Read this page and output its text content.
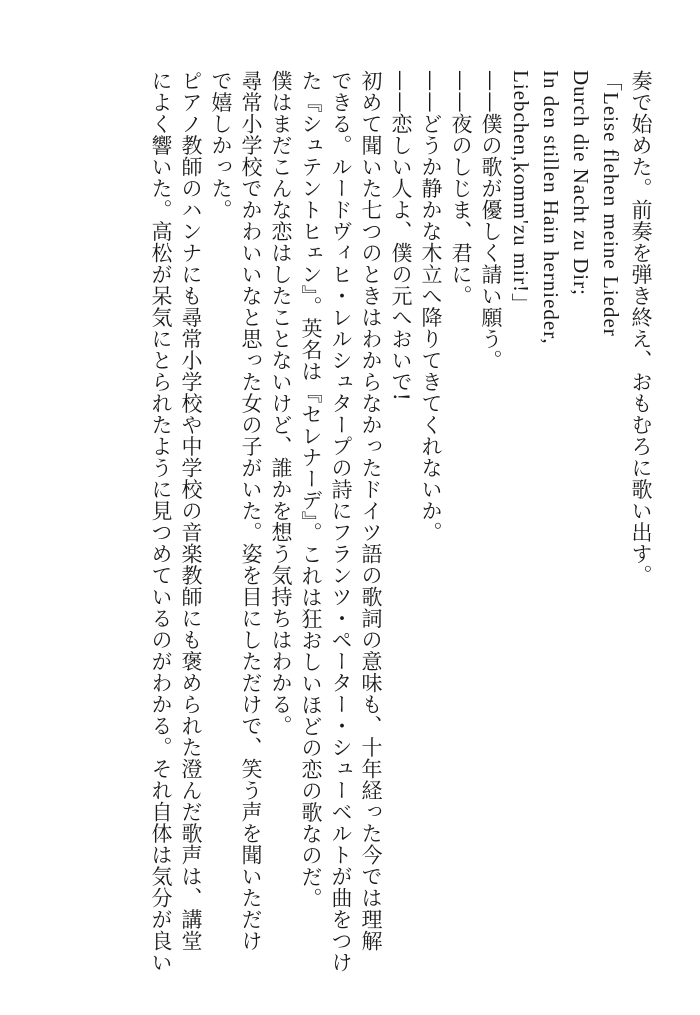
奏で始めた。前奏を弾き終え、おもむろに歌い出す。
「Leise flehen meine Lieder
Durch die Nacht zu Dir;
In den stillen Hain hernieder,
Liebchen,komm'zu mir!」
——僕の歌が優しく請い願う。
——夜のしじま、君に。
——どうか静かな木立へ降りてきてくれないか。
——恋しい人よ、僕の元へおいで!
初めて聞いた七つのときはわからなかったドイツ語の歌詞の意味も、十年経った今では理解
できる。ルードヴィヒ・レルシュタープの詩にフランツ・ペーター・シューベルトが曲をつけ
た『シュテントヒェン』。英名は『セレナーデ』。これは狂おしいほどの恋の歌なのだ。
僕はまだこんな恋はしたことないけど、誰かを想う気持ちはわかる。
尋常小学校でかわいいなと思った女の子がいた。姿を目にしただけで、笑う声を聞いただけ
で嬉しかった。
ピアノ教師のハンナにも尋常小学校や中学校の音楽教師にも褒められた澄んだ歌声は、講堂
によく響いた。高松が呆気にとられたように見つめているのがわかる。それ自体は気分が良い
